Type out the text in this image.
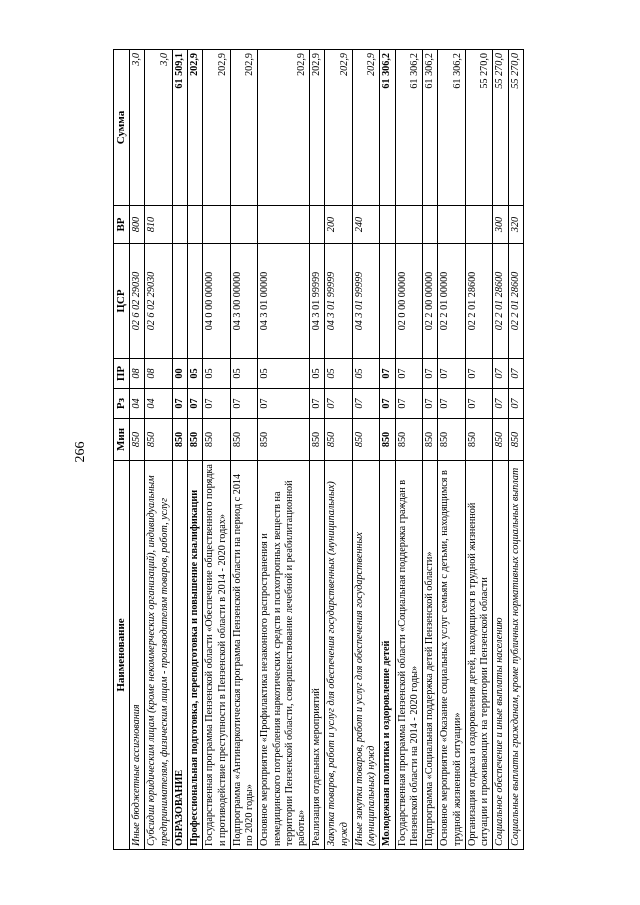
266
Наименование	Мин	Рз	ПР	ЦСР	ВР	Сумма
Иные бюджетные ассигнования	850	04	08	02 6 02 29030	800	3,0
Субсидии юридическим лицам (кроме некоммерческих организаций), индивидуальным предпринимателям, физическим лицам - производителям товаров, работ, услуг	850	04	08	02 6 02 29030	810	3,0
ОБРАЗОВАНИЕ	850	07	00			61 509,1
Профессиональная подготовка, переподготовка и повышение квалификации	850	07	05			202,9
Государственная программа Пензенской области «Обеспечение общественного порядка и противодействие преступности в Пензенской области в 2014 - 2020 годах»	850	07	05	04 0 00 00000		202,9
Подпрограмма «Антинаркотическая программа Пензенской области на период с 2014 по 2020 годы»	850	07	05	04 3 00 00000		202,9
Основное мероприятие «Профилактика незаконного распространения и немедицинского потребления наркотических средств и психотропных веществ на территории Пензенской области, совершенствование лечебной и реабилитационной работы»	850	07	05	04 3 01 00000		202,9
Реализация отдельных мероприятий	850	07	05	04 3 01 99999		202,9
Закупка товаров, работ и услуг для обеспечения государственных (муниципальных) нужд	850	07	05	04 3 01 99999	200	202,9
Иные закупки товаров, работ и услуг для обеспечения государственных (муниципальных) нужд	850	07	05	04 3 01 99999	240	202,9
Молодежная политика и оздоровление детей	850	07	07			61 306,2
Государственная программа Пензенской области «Социальная поддержка граждан в Пензенской области на 2014 - 2020 годы»	850	07	07	02 0 00 00000		61 306,2
Подпрограмма «Социальная поддержка детей Пензенской области»	850	07	07	02 2 00 00000		61 306,2
Основное мероприятие «Оказание социальных услуг семьям с детьми, находящимся в трудной жизненной ситуации»	850	07	07	02 2 01 00000		61 306,2
Организация отдыха и оздоровления детей, находящихся в трудной жизненной ситуации и проживающих на территории Пензенской области	850	07	07	02 2 01 28600		55 270,0
Социальное обеспечение и иные выплаты населению	850	07	07	02 2 01 28600	300	55 270,0
Социальные выплаты гражданам, кроме публичных нормативных социальных выплат	850	07	07	02 2 01 28600	320	55 270,0
